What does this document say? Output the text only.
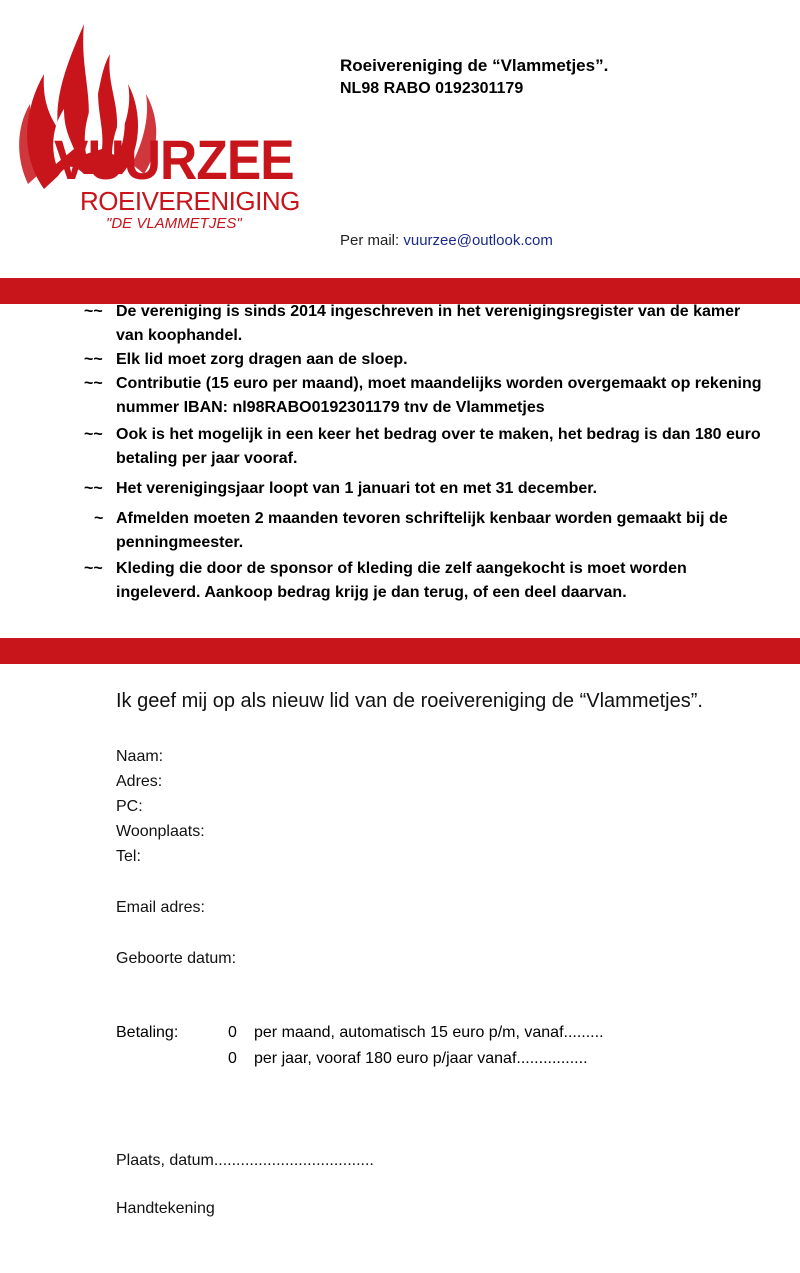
VUURZEE
ROEIVERENIGING
"DE VLAMMETJES"
Roeivereniging de “Vlammetjes”.
NL98 RABO 0192301179
Per mail: vuurzee@outlook.com
~~ De vereniging is sinds 2014 ingeschreven in het verenigingsregister van de kamer van koophandel.
~~ Elk lid moet zorg dragen aan de sloep.
~~ Contributie (15 euro per maand), moet maandelijks worden overgemaakt op rekening nummer IBAN: nl98RABO0192301179 tnv de Vlammetjes
~~ Ook is het mogelijk in een keer het bedrag over te maken, het bedrag is dan 180 euro betaling per jaar vooraf.
~~ Het verenigingsjaar loopt van 1 januari tot en met 31 december.
~ Afmelden moeten 2 maanden tevoren schriftelijk kenbaar worden gemaakt bij de penningmeester.
~~ Kleding die door de sponsor of kleding die zelf aangekocht is moet worden ingeleverd. Aankoop bedrag krijg je dan terug, of een deel daarvan.
Ik geef mij op als nieuw lid van de roeivereniging de “Vlammetjes”.
Naam:
Adres:
PC:
Woonplaats:
Tel:
Email adres:
Geboorte datum:
Betaling:	0 per maand, automatisch 15 euro p/m, vanaf.........
0 per jaar, vooraf 180 euro p/jaar vanaf................
Plaats, datum....................................
Handtekening
